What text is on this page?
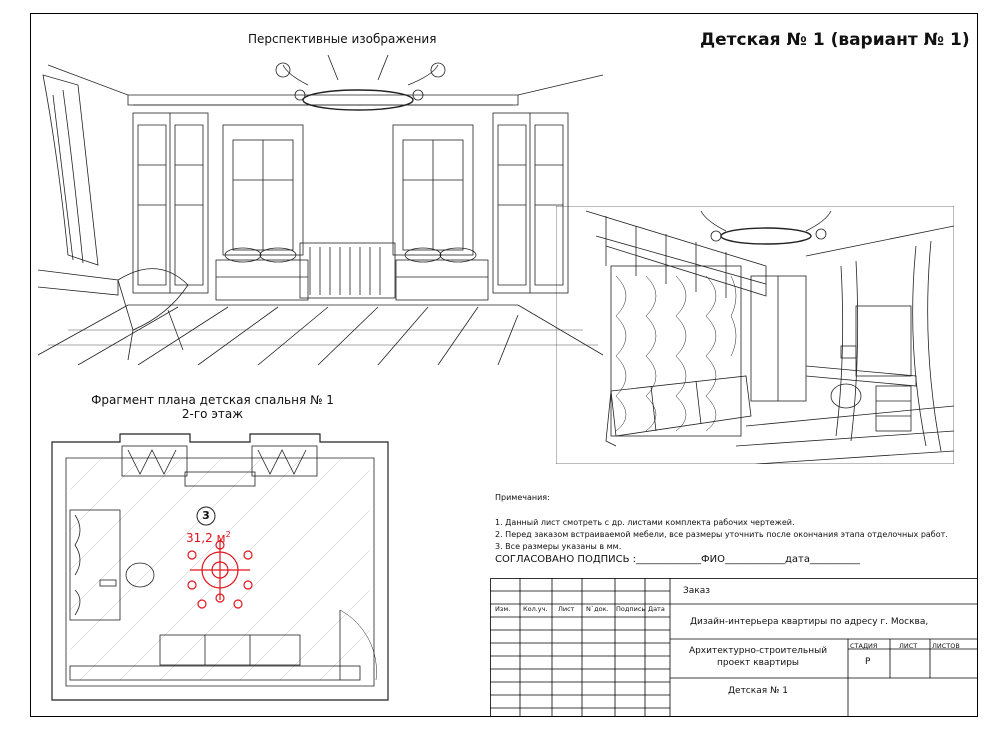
Детская № 1 (вариант № 1)
Перспективные изображения
Фрагмент плана детская спальня № 1
2-го этаж
3
31,2 $м^2$
Примечания:
1. Данный лист смотреть с др. листами комплекта рабочих чертежей.
2. Перед заказом встраиваемой мебели, все размеры уточнить после окончания этапа отделочных работ.
3. Все размеры указаны в мм.
СОГЛАСОВАНО ПОДПИСЬ :_____________ФИО____________дата__________
Заказ
Изм. Кол.уч. Лист N`док. Подпись Дата
Дизайн-интерьера квартиры по адресу г. Москва,
Архитектурно-строительный
проект квартиры
СТАДИЯ	ЛИСТ ЛИСТОВ
Р
Детская № 1
